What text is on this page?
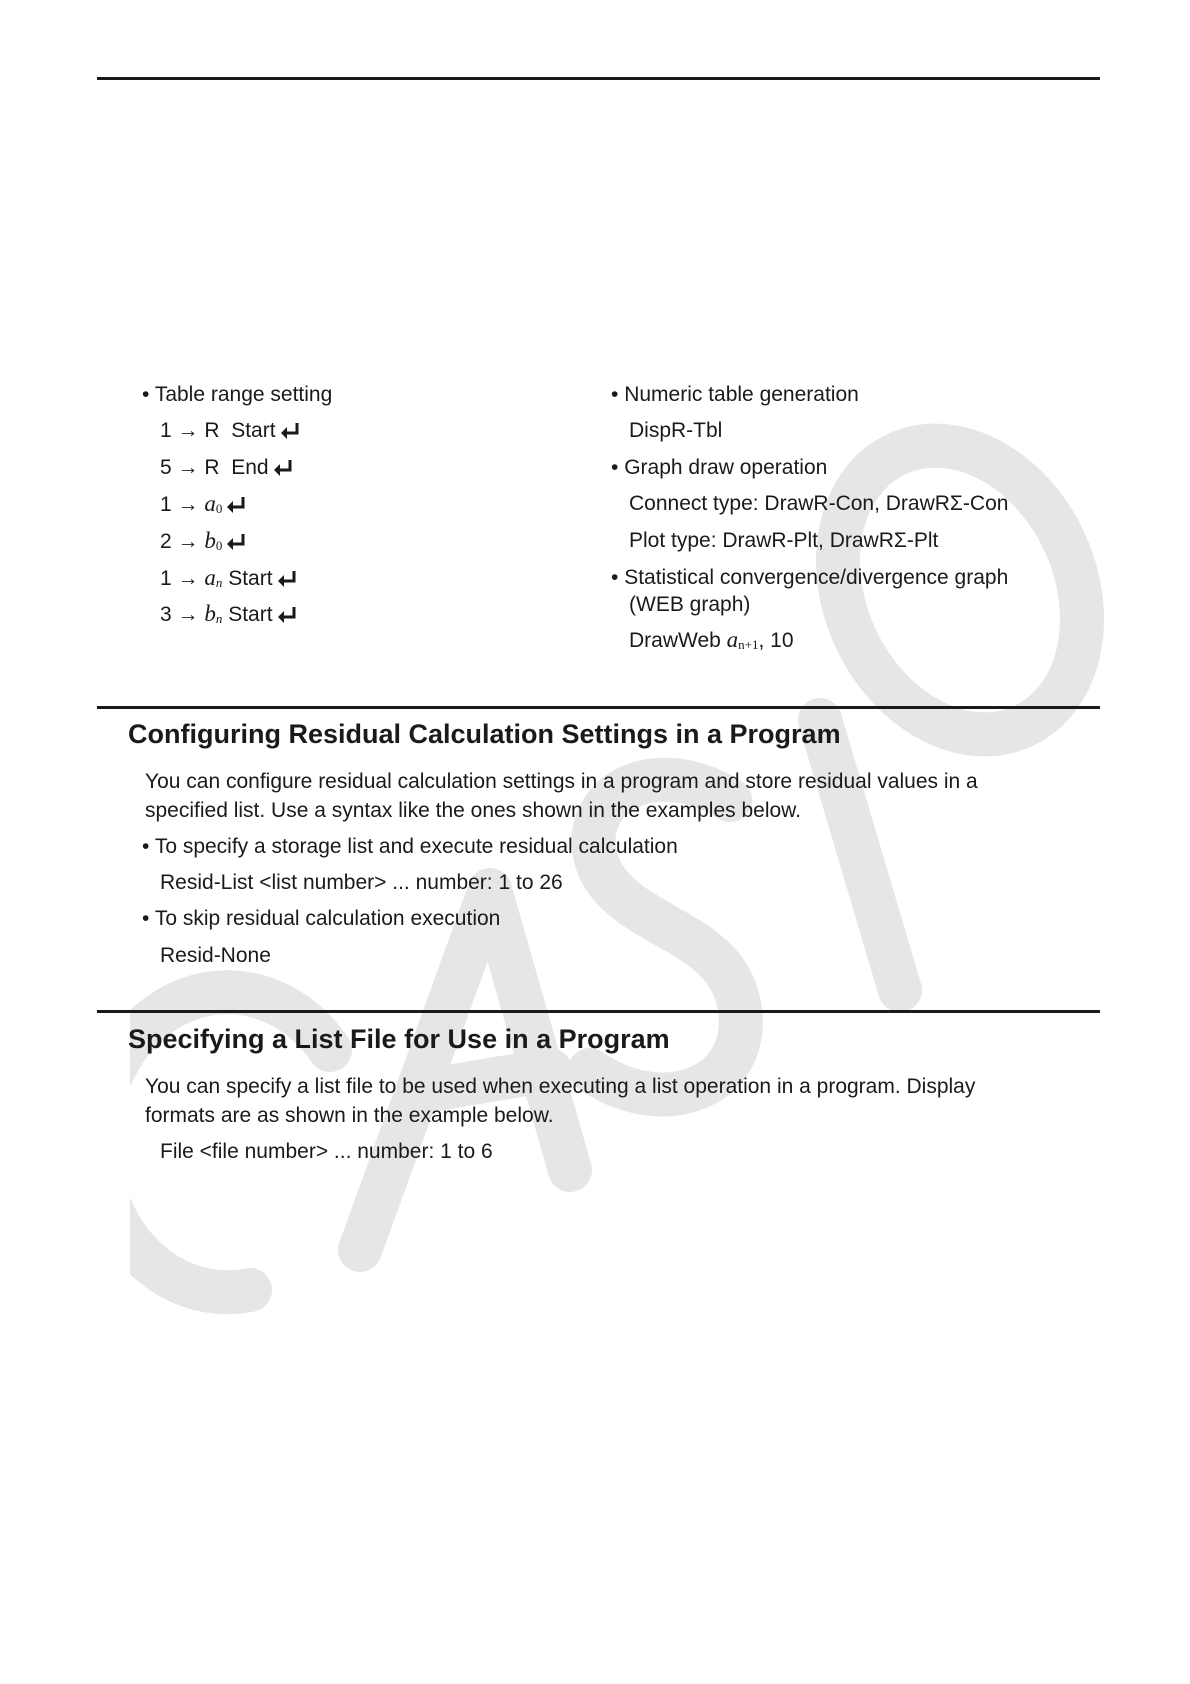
• Table range setting
1 → R Start
5 → R End
1 → a0
2 → b0
1 → an Start
3 → bn Start
• Numeric table generation
DispR-Tbl
• Graph draw operation
Connect type: DrawR-Con, DrawRΣ-Con
Plot type: DrawR-Plt, DrawRΣ-Plt
• Statistical convergence/divergence graph
(WEB graph)
DrawWeb an+1, 10
Configuring Residual Calculation Settings in a Program
You can configure residual calculation settings in a program and store residual values in a
specified list. Use a syntax like the ones shown in the examples below.
• To specify a storage list and execute residual calculation
Resid-List <list number> ... number: 1 to 26
• To skip residual calculation execution
Resid-None
Specifying a List File for Use in a Program
You can specify a list file to be used when executing a list operation in a program. Display
formats are as shown in the example below.
File <file number> ... number: 1 to 6
